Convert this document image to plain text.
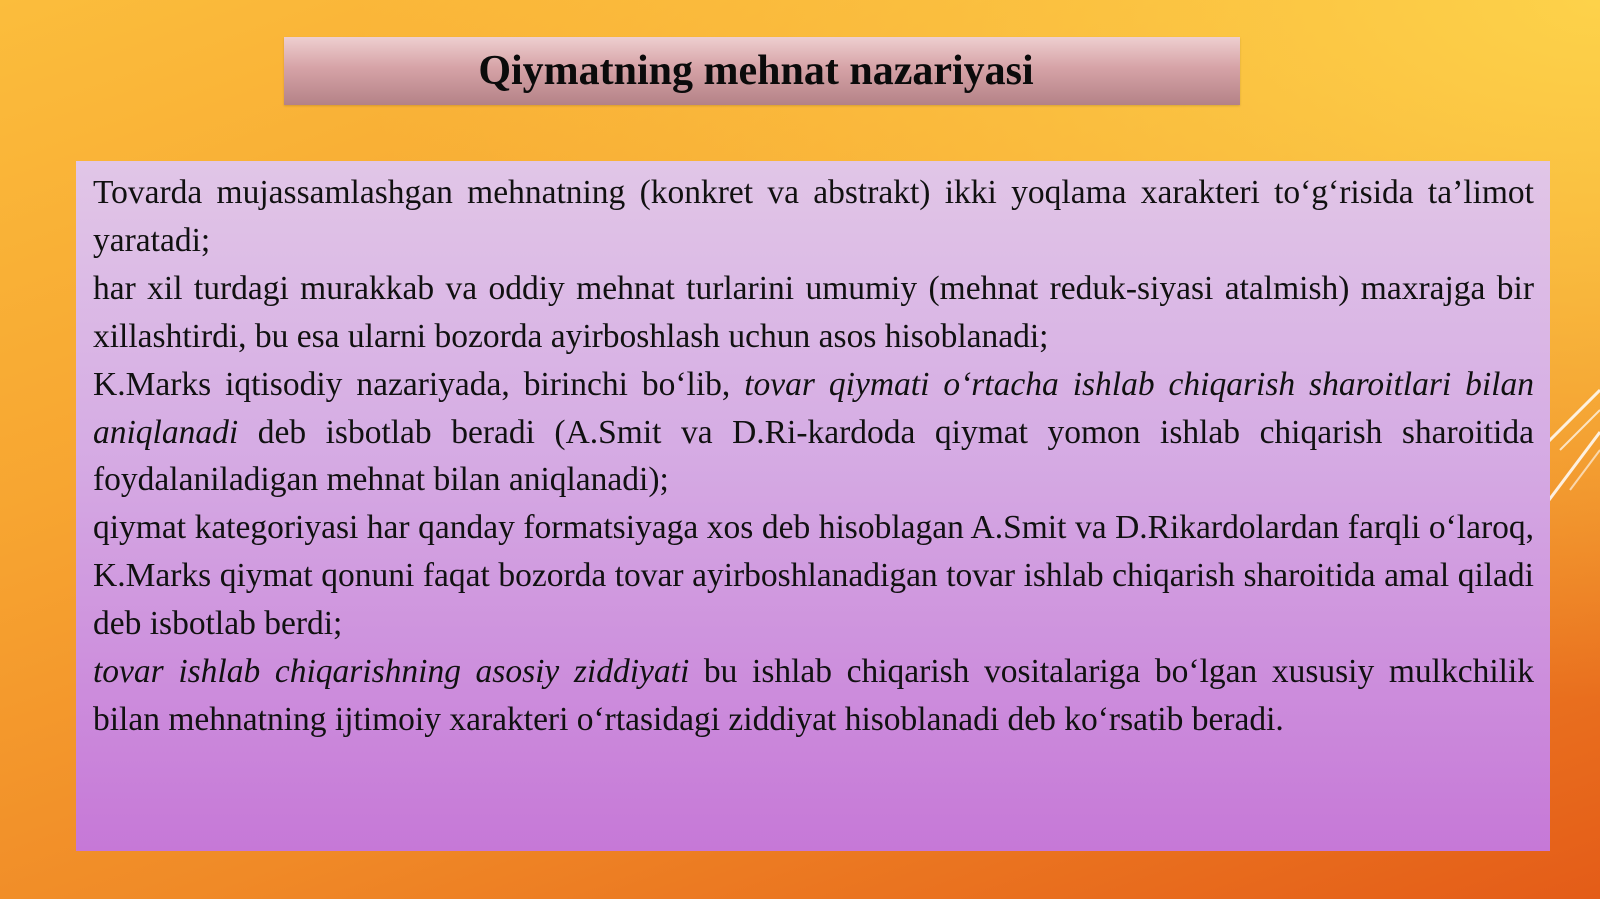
Qiymatning mehnat nazariyasi

Tovarda mujassamlashgan mehnatning (konkret va abstrakt) ikki yoqlama xarakteri to‘g‘risida ta’limot yaratadi;

har xil turdagi murakkab va oddiy mehnat turlarini umumiy (mehnat reduk-siyasi atalmish) maxrajga bir xillashtirdi, bu esa ularni bozorda ayirboshlash uchun asos hisoblanadi;

K.Marks iqtisodiy nazariyada, birinchi bo‘lib, tovar qiymati o‘rtacha ishlab chiqarish sharoitlari bilan aniqlanadi deb isbotlab beradi (A.Smit va D.Ri-kardoda qiymat yomon ishlab chiqarish sharoitida foydalaniladigan mehnat bilan aniqlanadi);

qiymat kategoriyasi har qanday formatsiyaga xos deb hisoblagan A.Smit va D.Rikardolardan farqli o‘laroq, K.Marks qiymat qonuni faqat bozorda tovar ayirboshlanadigan tovar ishlab chiqarish sharoitida amal qiladi deb isbotlab berdi;

tovar ishlab chiqarishning asosiy ziddiyati bu ishlab chiqarish vositalariga bo‘lgan xususiy mulkchilik bilan mehnatning ijtimoiy xarakteri o‘rtasidagi ziddiyat hisoblanadi deb ko‘rsatib beradi.
